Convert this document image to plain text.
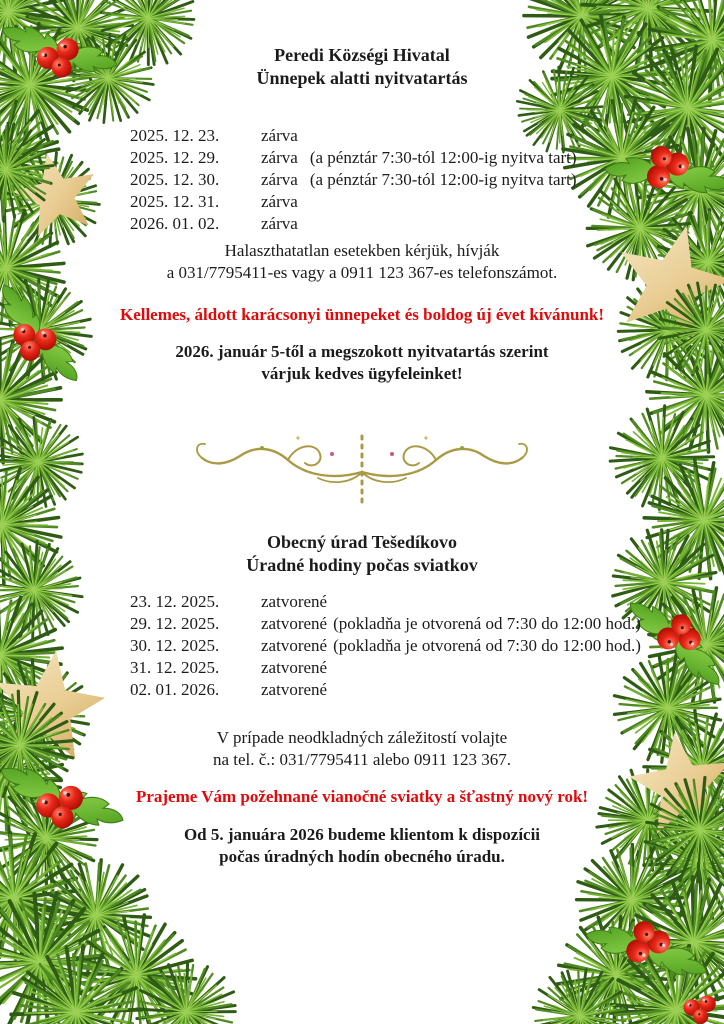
Peredi Községi Hivatal
Ünnepek alatti nyitvatartás
2025. 12. 23. zárva
2025. 12. 29. zárva (a pénztár 7:30-tól 12:00-ig nyitva tart)
2025. 12. 30. zárva (a pénztár 7:30-tól 12:00-ig nyitva tart)
2025. 12. 31. zárva
2026. 01. 02. zárva
Halaszthatatlan esetekben kérjük, hívják
a 031/7795411-es vagy a 0911 123 367-es telefonszámot.
Kellemes, áldott karácsonyi ünnepeket és boldog új évet kívánunk!
2026. január 5-től a megszokott nyitvatartás szerint
várjuk kedves ügyfeleinket!
Obecný úrad Tešedíkovo
Úradné hodiny počas sviatkov
23. 12. 2025. zatvorené
29. 12. 2025. zatvorené (pokladňa je otvorená od 7:30 do 12:00 hod.)
30. 12. 2025. zatvorené (pokladňa je otvorená od 7:30 do 12:00 hod.)
31. 12. 2025. zatvorené
02. 01. 2026. zatvorené
V prípade neodkladných záležitostí volajte
na tel. č.: 031/7795411 alebo 0911 123 367.
Prajeme Vám požehnané vianočné sviatky a šťastný nový rok!
Od 5. januára 2026 budeme klientom k dispozícii
počas úradných hodín obecného úradu.
